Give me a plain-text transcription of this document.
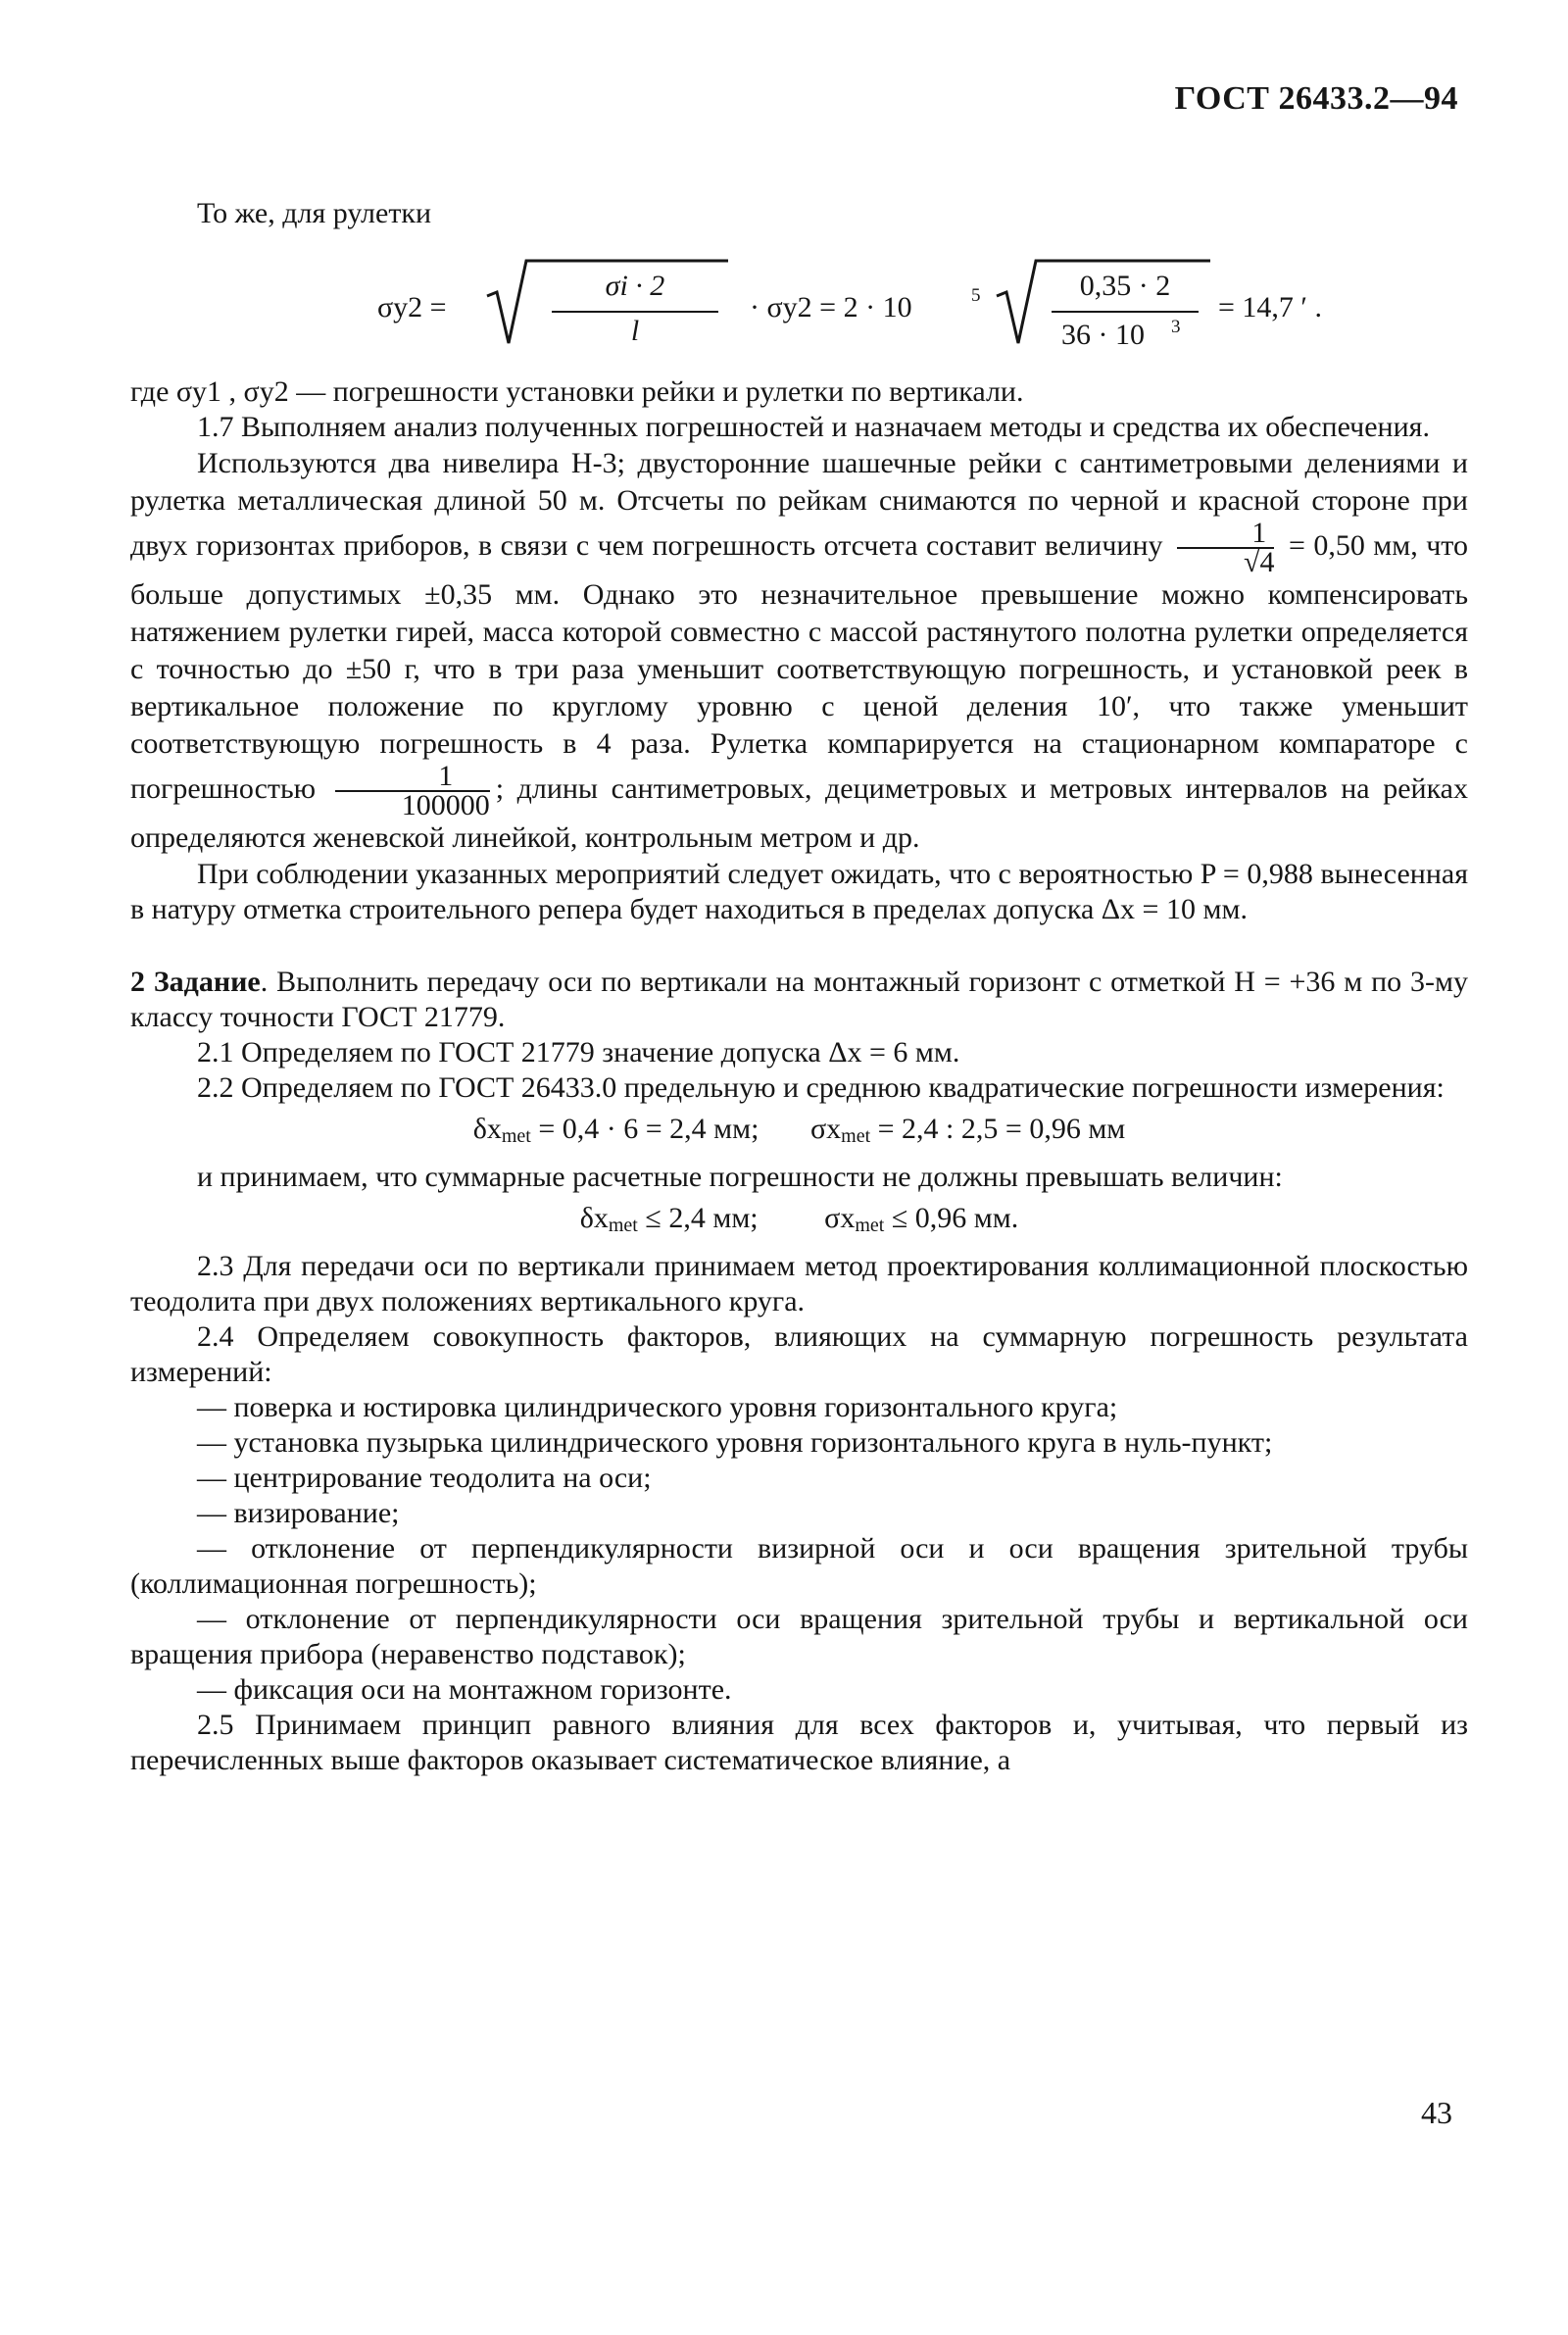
ГОСТ 26433.2—94

То же, для рулетки

σy2 =
σi · 2
l
· σy2 = 2 · 10	5	0,35 · 2
36 · 10 3
= 14,7 ′ .

где σy1 , σy2 — погрешности установки рейки и рулетки по вертикали.

1.7 Выполняем анализ полученных погрешностей и назначаем методы и средства их обеспечения.

Используются два нивелира Н-3; двусторонние шашечные рейки с сантиметровыми делениями и рулетка металлическая длиной 50 м. Отсчеты по рейкам снимаются по черной и красной стороне при двух горизонтах приборов, в связи с чем погрешность отсчета составит величину $\frac{1}{√4} = 0,50$ мм, что больше допустимых ±0,35 мм. Однако это незначительное превышение можно компенсировать натяжением рулетки гирей, масса которой совместно с массой растянутого полотна рулетки определяется с точностью до ±50 г, что в три раза уменьшит соответствующую погрешность, и установкой реек в вертикальное положение по круглому уровню с ценой деления 10′, что также уменьшит соответствующую погрешность в 4 раза. Рулетка компарируется на стационарном компараторе с погрешностью $\frac{1}{100000}$ ; длины сантиметровых, дециметровых и метровых интервалов на рейках определяются женевской линейкой, контрольным метром и др.

При соблюдении указанных мероприятий следует ожидать, что с вероятностью P = 0,988 вынесенная в натуру отметка строительного репера будет находиться в пределах допуска Δx = 10 мм.

2 Задание. Выполнить передачу оси по вертикали на монтажный горизонт с отметкой H = +36 м по 3-му классу точности ГОСТ 21779.

2.1 Определяем по ГОСТ 21779 значение допуска Δx = 6 мм.

2.2 Определяем по ГОСТ 26433.0 предельную и среднюю квадратические погрешности измерения:

$\delta x_{met} = 0,4 \cdot 6 = 2,4$ мм; $\sigma x_{met} = 2,4$ : 2,5 = 0,96 мм

и принимаем, что суммарные расчетные погрешности не должны превышать величин:

$\delta x_{met} \le 2,4$ мм; $\sigma x_{met} \le 0,96$ мм.

2.3 Для передачи оси по вертикали принимаем метод проектирования коллимационной плоскостью теодолита при двух положениях вертикального круга.

2.4 Определяем совокупность факторов, влияющих на суммарную погрешность результата измерений:

— поверка и юстировка цилиндрического уровня горизонтального круга;

— установка пузырька цилиндрического уровня горизонтального круга в нуль-пункт;

— центрирование теодолита на оси;

— визирование;

— отклонение от перпендикулярности визирной оси и оси вращения зрительной трубы (коллимационная погрешность);

— отклонение от перпендикулярности оси вращения зрительной трубы и вертикальной оси вращения прибора (неравенство подставок);

— фиксация оси на монтажном горизонте.

2.5 Принимаем принцип равного влияния для всех факторов и, учитывая, что первый из перечисленных выше факторов оказывает систематическое влияние, а

43
